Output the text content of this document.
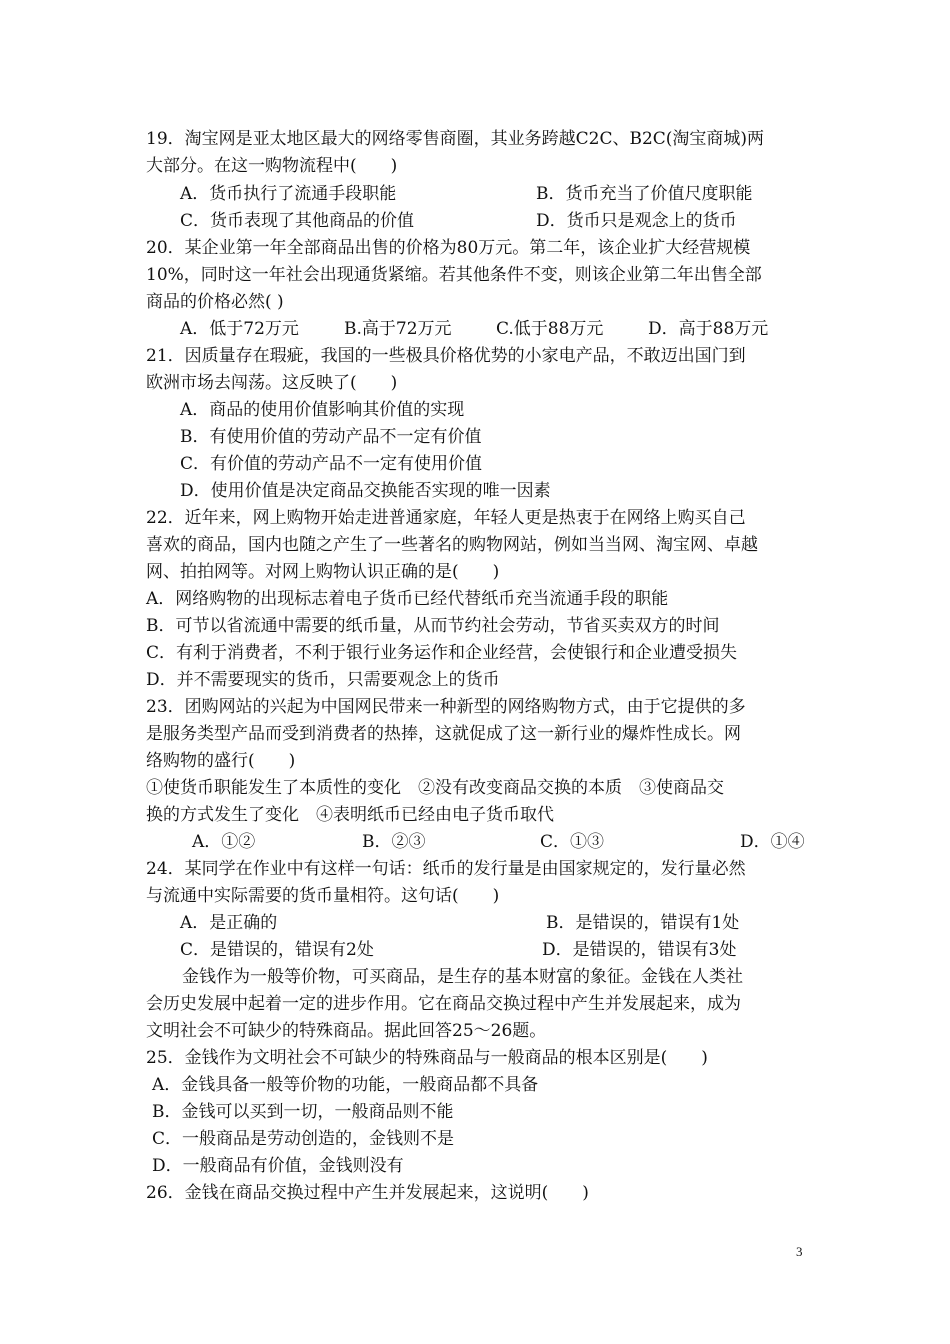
19．淘宝网是亚太地区最大的网络零售商圈，其业务跨越C2C、B2C(淘宝商城)两
大部分。在这一购物流程中(　　)
A．货币执行了流通手段职能	B．货币充当了价值尺度职能
C．货币表现了其他商品的价值	D．货币只是观念上的货币
20．某企业第一年全部商品出售的价格为80万元。第二年，该企业扩大经营规模
10%，同时这一年社会出现通货紧缩。若其他条件不变，则该企业第二年出售全部
商品的价格必然( )
A．低于72万元	B.高于72万元	C.低于88万元	D．高于88万元
21．因质量存在瑕疵，我国的一些极具价格优势的小家电产品，不敢迈出国门到
欧洲市场去闯荡。这反映了(　　)
A．商品的使用价值影响其价值的实现
B．有使用价值的劳动产品不一定有价值
C．有价值的劳动产品不一定有使用价值
D．使用价值是决定商品交换能否实现的唯一因素
22．近年来，网上购物开始走进普通家庭，年轻人更是热衷于在网络上购买自己
喜欢的商品，国内也随之产生了一些著名的购物网站，例如当当网、淘宝网、卓越
网、拍拍网等。对网上购物认识正确的是(　　)
A．网络购物的出现标志着电子货币已经代替纸币充当流通手段的职能
B．可节以省流通中需要的纸币量，从而节约社会劳动，节省买卖双方的时间
C．有利于消费者，不利于银行业务运作和企业经营，会使银行和企业遭受损失
D．并不需要现实的货币，只需要观念上的货币
23．团购网站的兴起为中国网民带来一种新型的网络购物方式，由于它提供的多
是服务类型产品而受到消费者的热捧，这就促成了这一新行业的爆炸性成长。网
络购物的盛行(　　)
①使货币职能发生了本质性的变化　②没有改变商品交换的本质　③使商品交
换的方式发生了变化　④表明纸币已经由电子货币取代
A．①②	B．②③	C．①③	D．①④
24．某同学在作业中有这样一句话：纸币的发行量是由国家规定的，发行量必然
与流通中实际需要的货币量相符。这句话(　　)
A．是正确的	B．是错误的，错误有1处
C．是错误的，错误有2处	D．是错误的，错误有3处
金钱作为一般等价物，可买商品，是生存的基本财富的象征。金钱在人类社
会历史发展中起着一定的进步作用。它在商品交换过程中产生并发展起来，成为
文明社会不可缺少的特殊商品。据此回答25～26题。
25．金钱作为文明社会不可缺少的特殊商品与一般商品的根本区别是(　　)
A．金钱具备一般等价物的功能，一般商品都不具备
B．金钱可以买到一切，一般商品则不能
C．一般商品是劳动创造的，金钱则不是
D．一般商品有价值，金钱则没有
26．金钱在商品交换过程中产生并发展起来，这说明(　　)
3
